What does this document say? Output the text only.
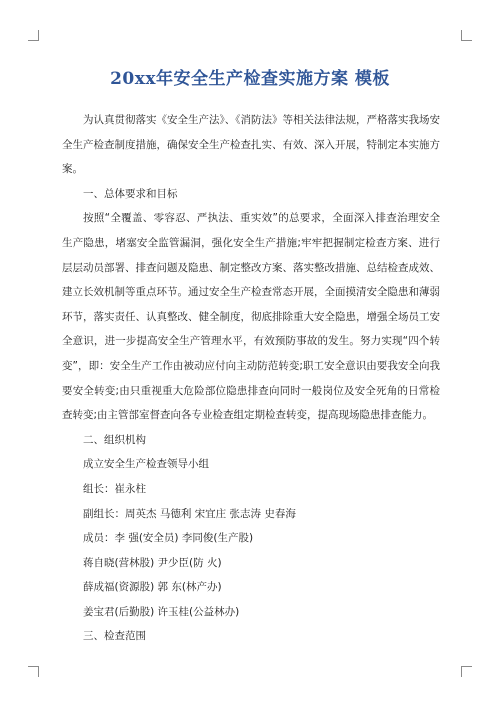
20xx年安全生产检查实施方案 模板

为认真贯彻落实《安全生产法》、《消防法》等相关法律法规，严格落实我场安全生产检查制度措施，确保安全生产检查扎实、有效、深入开展，特制定本实施方案。

一、总体要求和目标

按照“全覆盖、零容忍、严执法、重实效”的总要求，全面深入排查治理安全生产隐患，堵塞安全监管漏洞，强化安全生产措施;牢牢把握制定检查方案、进行层层动员部署、排查问题及隐患、制定整改方案、落实整改措施、总结检查成效、建立长效机制等重点环节。通过安全生产检查常态开展，全面摸清安全隐患和薄弱环节，落实责任、认真整改、健全制度，彻底排除重大安全隐患，增强全场员工安全意识，进一步提高安全生产管理水平，有效预防事故的发生。努力实现“四个转变”，即：安全生产工作由被动应付向主动防范转变;职工安全意识由要我安全向我要安全转变;由只重视重大危险部位隐患排查向同时一般岗位及安全死角的日常检查转变;由主管部室督查向各专业检查组定期检查转变，提高现场隐患排查能力。

二、组织机构

成立安全生产检查领导小组

组长：崔永柱

副组长：周英杰 马德利 宋宜庄 张志涛 史春海

成员：李 强(安全员) 李同俊(生产股)

蒋自晓(营林股) 尹少臣(防 火)

薛成福(资源股) 郭 东(林产办)

姜宝君(后勤股) 许玉桂(公益林办)

三、检查范围
